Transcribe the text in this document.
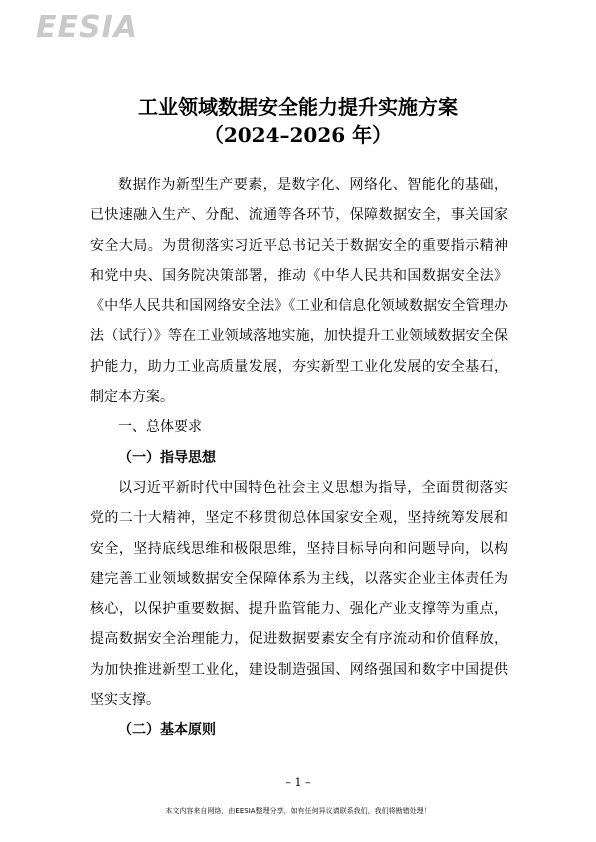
EESIA
工业领域数据安全能力提升实施方案
（2024–2026 年）

数据作为新型生产要素，是数字化、网络化、智能化的基础，已快速融入生产、分配、流通等各环节，保障数据安全，事关国家安全大局。为贯彻落实习近平总书记关于数据安全的重要指示精神和党中央、国务院决策部署，推动《中华人民共和国数据安全法》《中华人民共和国网络安全法》《工业和信息化领域数据安全管理办法（试行）》等在工业领域落地实施，加快提升工业领域数据安全保护能力，助力工业高质量发展，夯实新型工业化发展的安全基石，制定本方案。

一、总体要求

（一）指导思想

以习近平新时代中国特色社会主义思想为指导，全面贯彻落实党的二十大精神，坚定不移贯彻总体国家安全观，坚持统筹发展和安全，坚持底线思维和极限思维，坚持目标导向和问题导向，以构建完善工业领域数据安全保障体系为主线，以落实企业主体责任为核心，以保护重要数据、提升监管能力、强化产业支撑等为重点，提高数据安全治理能力，促进数据要素安全有序流动和价值释放，为加快推进新型工业化，建设制造强国、网络强国和数字中国提供坚实支撑。

（二）基本原则

– 1 –
本文内容来自网络，由EESIA整理分享，如有任何异议请联系我们，我们将勘错处理！
